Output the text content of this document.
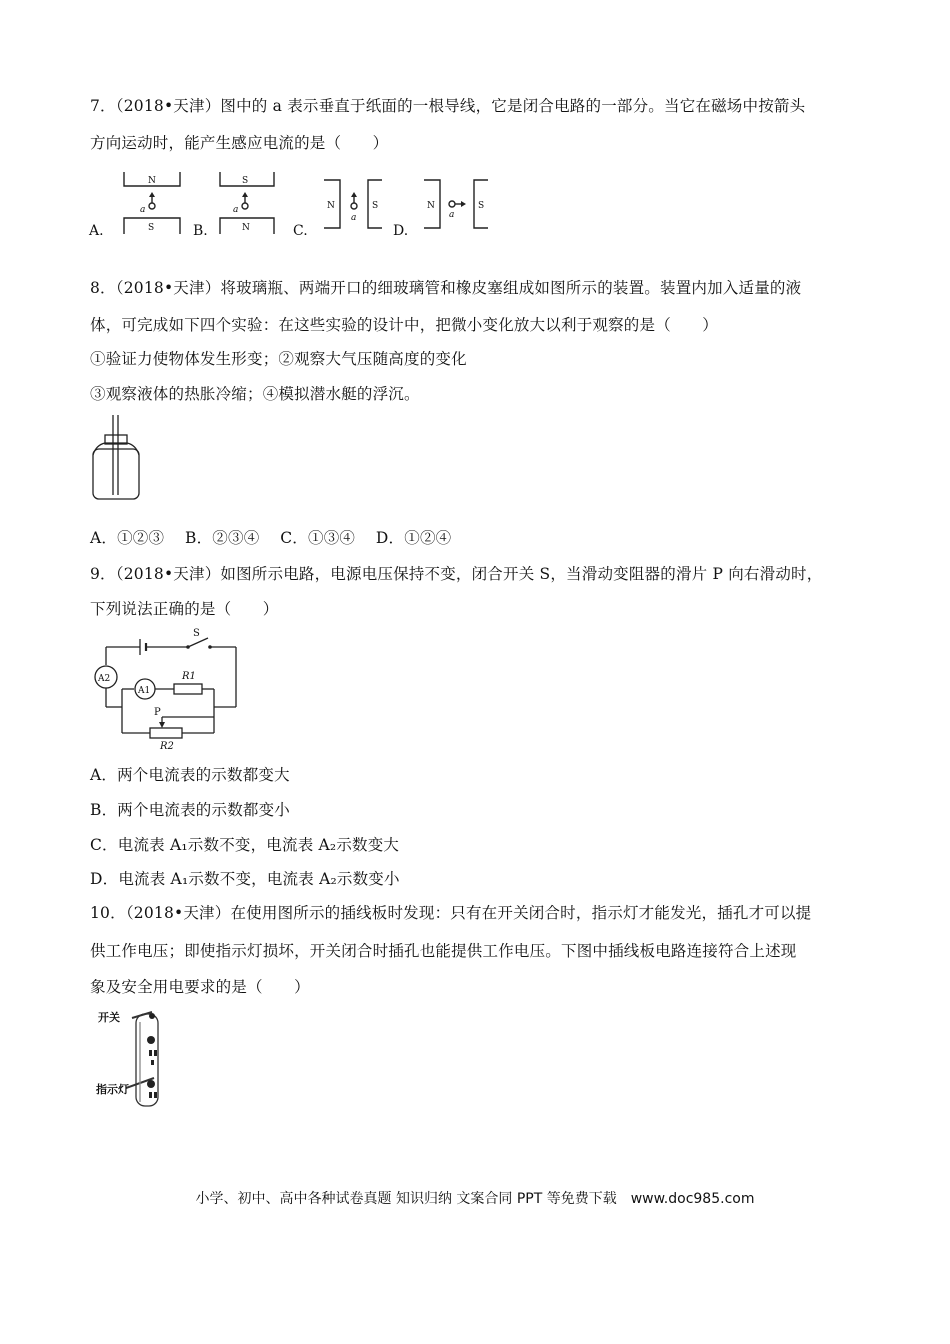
7．（2018•天津）图中的 a 表示垂直于纸面的一根导线，它是闭合电路的一部分。当它在磁场中按箭头
方向运动时，能产生感应电流的是（　　）
A.	B.	C.	D.
N
S
S
N
N	S	N	S
a	a
a	a
8．（2018•天津）将玻璃瓶、两端开口的细玻璃管和橡皮塞组成如图所示的装置。装置内加入适量的液
体，可完成如下四个实验：在这些实验的设计中，把微小变化放大以利于观察的是（　　）
①验证力使物体发生形变；②观察大气压随高度的变化
③观察液体的热胀冷缩；④模拟潜水艇的浮沉。
A．①②③　 B．②③④　 C．①③④　 D．①②④
9．（2018•天津）如图所示电路，电源电压保持不变，闭合开关 S，当滑动变阻器的滑片 P 向右滑动时，
下列说法正确的是（　　）
S
A2
A1
R1
P
R2
A．两个电流表的示数都变大
B．两个电流表的示数都变小
C．电流表 A₁示数不变，电流表 A₂示数变大
D．电流表 A₁示数不变，电流表 A₂示数变小
10．（2018•天津）在使用图所示的插线板时发现：只有在开关闭合时，指示灯才能发光，插孔才可以提
供工作电压；即使指示灯损坏，开关闭合时插孔也能提供工作电压。下图中插线板电路连接符合上述现
象及安全用电要求的是（　　）
开关
指示灯
小学、初中、高中各种试卷真题 知识归纳 文案合同 PPT 等免费下载　www.doc985.com
